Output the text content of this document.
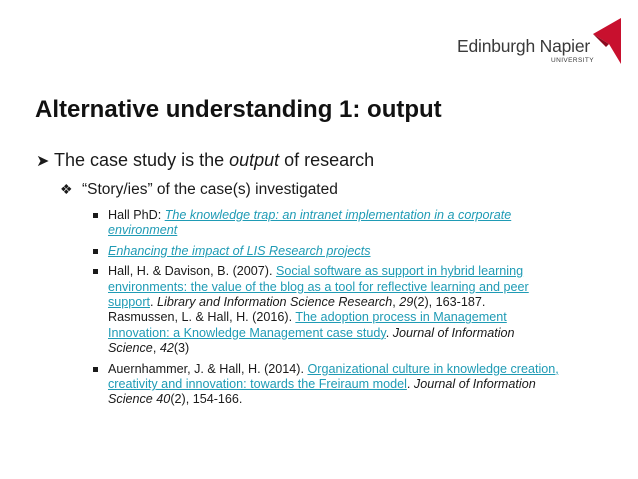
Edinburgh Napier
UNIVERSITY
Alternative understanding 1: output
➤ The case study is the output of research
❖ “Story/ies” of the case(s) investigated
Hall PhD: The knowledge trap: an intranet implementation in a corporate environment
Enhancing the impact of LIS Research projects
Hall, H. & Davison, B. (2007). Social software as support in hybrid learning environments: the value of the blog as a tool for reflective learning and peer support. Library and Information Science Research, 29(2), 163-187.
Rasmussen, L. & Hall, H. (2016). The adoption process in Management Innovation: a Knowledge Management case study. Journal of Information Science, 42(3)
Auernhammer, J. & Hall, H. (2014). Organizational culture in knowledge creation, creativity and innovation: towards the Freiraum model. Journal of Information Science 40(2), 154-166.
